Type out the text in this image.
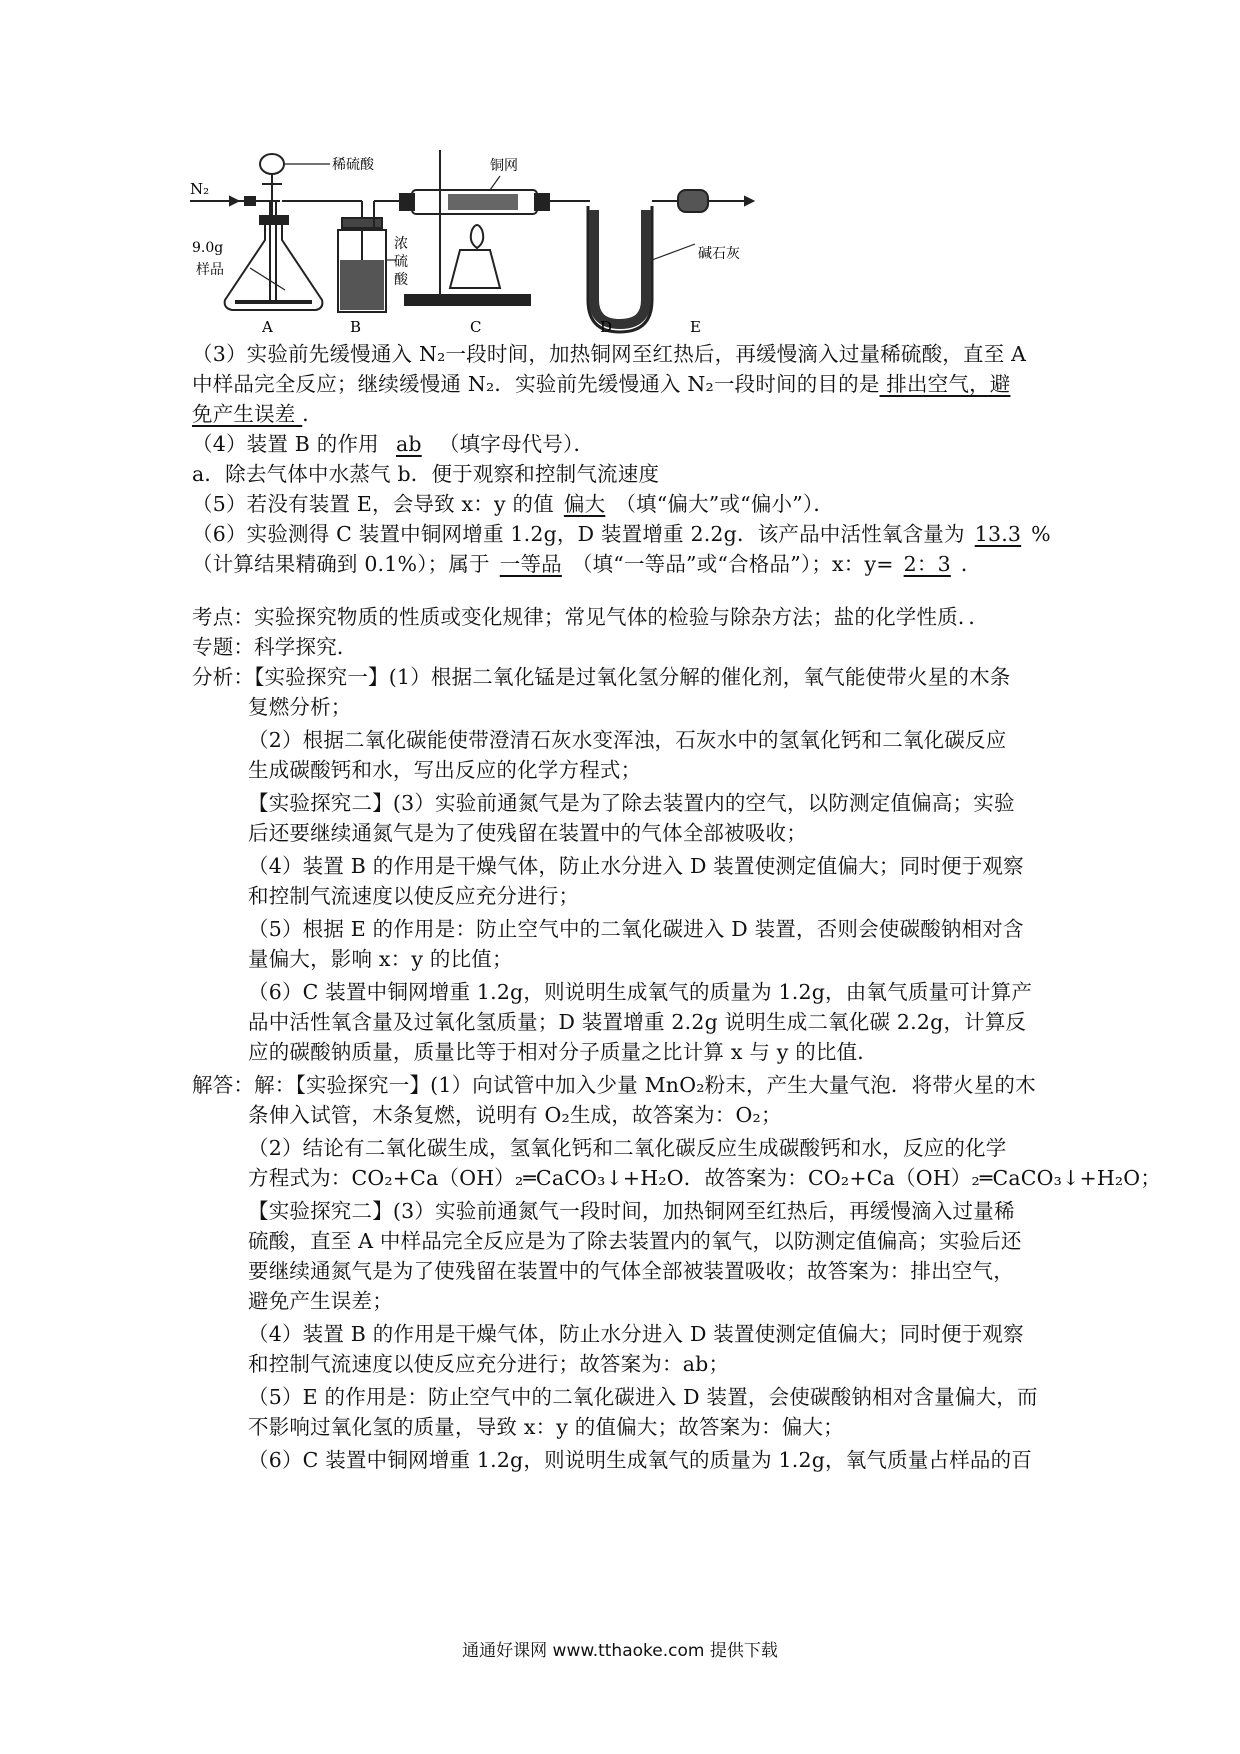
N₂
稀硫酸	铜网
9.0g
样品
浓
硫
酸
碱石灰
A	B	C	D	E
（3）实验前先缓慢通入 N₂一段时间，加热铜网至红热后，再缓慢滴入过量稀硫酸，直至 A
中样品完全反应；继续缓慢通 N₂．实验前先缓慢通入 N₂一段时间的目的是 排出空气，避
免产生误差 ．
（4）装置 B 的作用 ab （填字母代号）．
a．除去气体中水蒸气 b．便于观察和控制气流速度
（5）若没有装置 E，会导致 x：y 的值 偏大 （填“偏大”或“偏小”）．
（6）实验测得 C 装置中铜网增重 1.2g，D 装置增重 2.2g．该产品中活性氧含量为 13.3 %
（计算结果精确到 0.1%）；属于 一等品 （填“一等品”或“合格品”）；x：y= 2：3 ．
考点：实验探究物质的性质或变化规律；常见气体的检验与除杂方法；盐的化学性质．．
专题：科学探究．
分析：【实验探究一】(1）根据二氧化锰是过氧化氢分解的催化剂，氧气能使带火星的木条
复燃分析；
（2）根据二氧化碳能使带澄清石灰水变浑浊，石灰水中的氢氧化钙和二氧化碳反应
生成碳酸钙和水，写出反应的化学方程式；
【实验探究二】(3）实验前通氮气是为了除去装置内的空气，以防测定值偏高；实验
后还要继续通氮气是为了使残留在装置中的气体全部被吸收；
（4）装置 B 的作用是干燥气体，防止水分进入 D 装置使测定值偏大；同时便于观察
和控制气流速度以使反应充分进行；
（5）根据 E 的作用是：防止空气中的二氧化碳进入 D 装置，否则会使碳酸钠相对含
量偏大，影响 x：y 的比值；
（6）C 装置中铜网增重 1.2g，则说明生成氧气的质量为 1.2g，由氧气质量可计算产
品中活性氧含量及过氧化氢质量；D 装置增重 2.2g 说明生成二氧化碳 2.2g，计算反
应的碳酸钠质量，质量比等于相对分子质量之比计算 x 与 y 的比值．
解答：解：【实验探究一】(1）向试管中加入少量 MnO₂粉末，产生大量气泡．将带火星的木
条伸入试管，木条复燃，说明有 O₂生成，故答案为：O₂；
（2）结论有二氧化碳生成，氢氧化钙和二氧化碳反应生成碳酸钙和水，反应的化学
方程式为：CO₂+Ca（OH）₂═CaCO₃↓+H₂O．故答案为：CO₂+Ca（OH）₂═CaCO₃↓+H₂O；
【实验探究二】(3）实验前通氮气一段时间，加热铜网至红热后，再缓慢滴入过量稀
硫酸，直至 A 中样品完全反应是为了除去装置内的氧气，以防测定值偏高；实验后还
要继续通氮气是为了使残留在装置中的气体全部被装置吸收；故答案为：排出空气，
避免产生误差；
（4）装置 B 的作用是干燥气体，防止水分进入 D 装置使测定值偏大；同时便于观察
和控制气流速度以使反应充分进行；故答案为：ab；
（5）E 的作用是：防止空气中的二氧化碳进入 D 装置，会使碳酸钠相对含量偏大，而
不影响过氧化氢的质量，导致 x：y 的值偏大；故答案为：偏大；
（6）C 装置中铜网增重 1.2g，则说明生成氧气的质量为 1.2g，氧气质量占样品的百
通通好课网 www.tthaoke.com 提供下载
